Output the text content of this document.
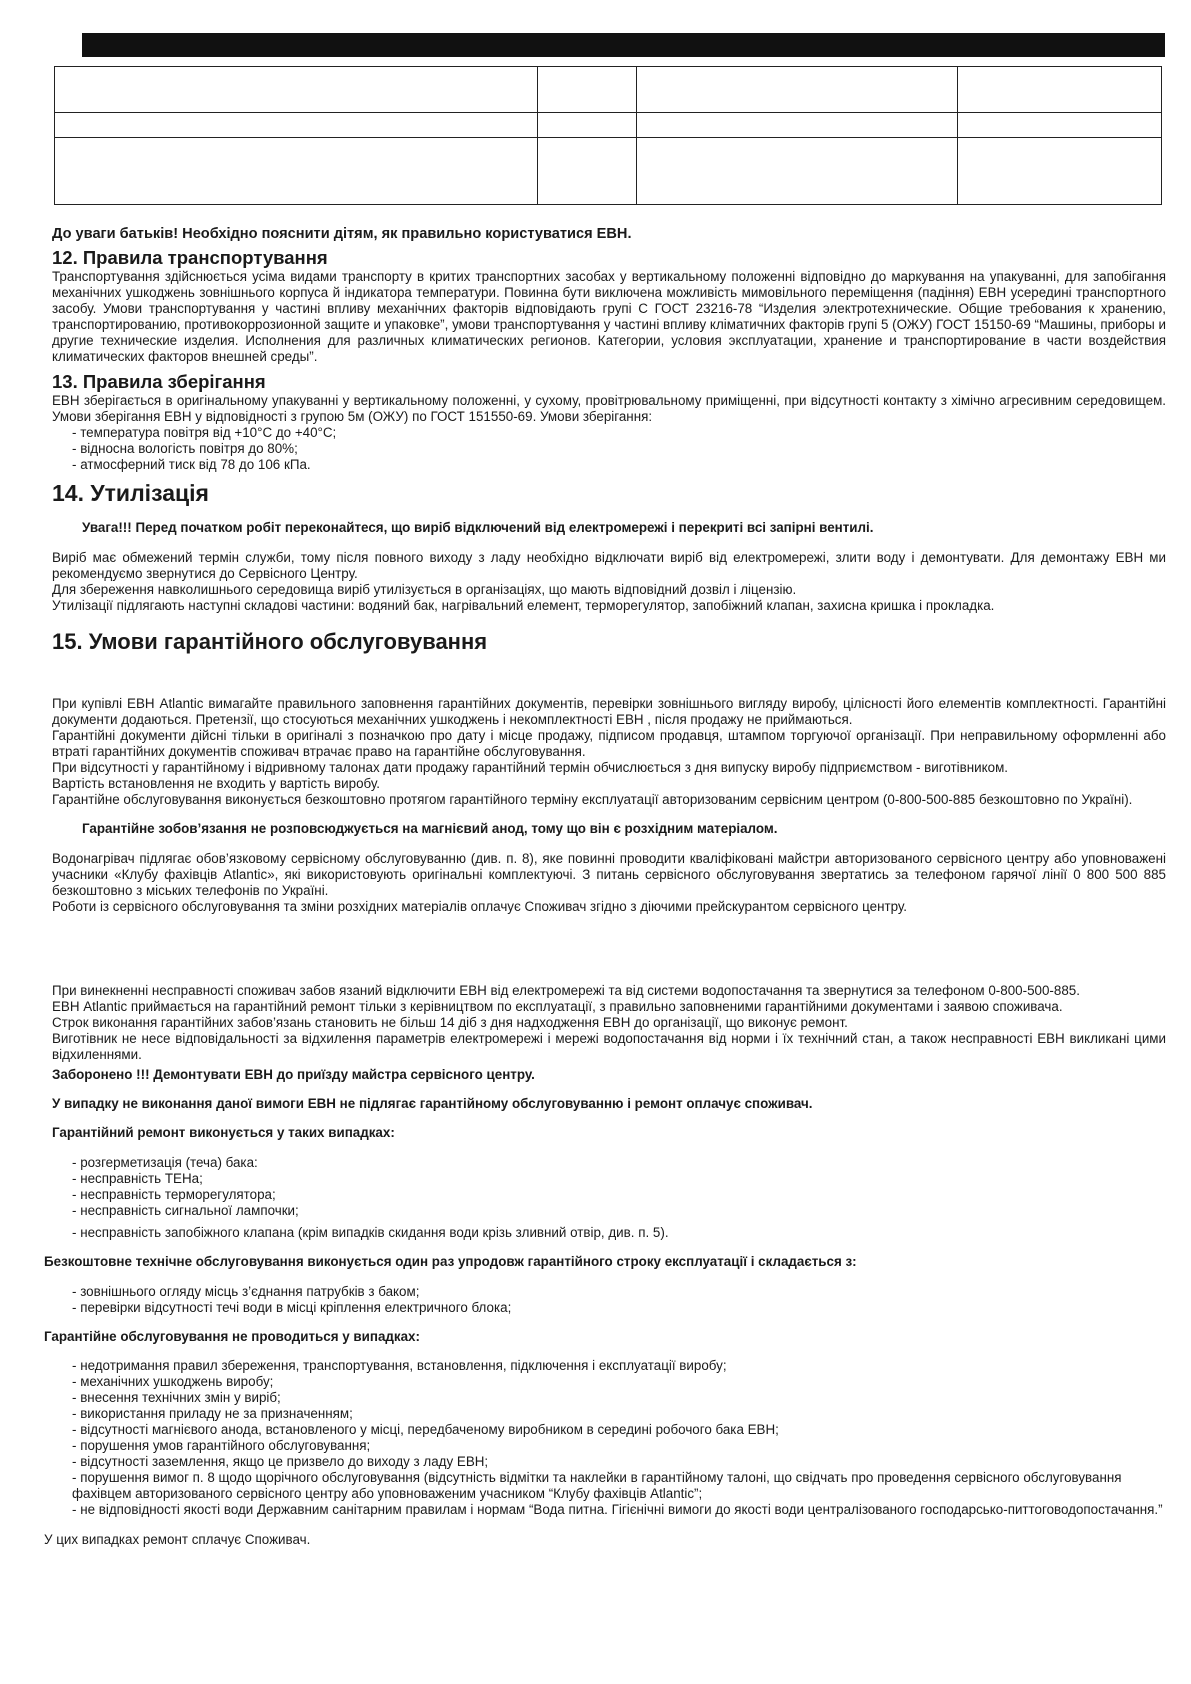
До уваги батьків! Необхідно пояснити дітям, як правильно користуватися ЕВН.

12. Правила транспортування

Транспортування здійснюється усіма видами транспорту в критих транспортних засобах у вертикальному положенні відповідно до маркування на упакуванні, для запобігання механічних ушкоджень зовнішнього корпуса й індикатора температури. Повинна бути виключена можливість мимовільного переміщення (падіння) ЕВН усередині транспортного засобу. Умови транспортування у частині впливу механічних факторів відповідають групі С ГОСТ 23216-78 “Изделия электротехнические. Общие требования к хранению, транспортированию, противокоррозионной защите и упаковке”, умови транспортування у частині впливу кліматичних факторів групі 5 (ОЖУ) ГОСТ 15150-69 “Машины, приборы и другие технические изделия. Исполнения для различных климатических регионов. Категории, условия эксплуатации, хранение и транспортирование в части воздействия климатических факторов внешней среды”.

13. Правила зберігання

ЕВН зберігається в оригінальному упакуванні у вертикальному положенні, у сухому, провітрювальному приміщенні, при відсутності контакту з хімічно агресивним середовищем. Умови зберігання ЕВН у відповідності з групою 5м (ОЖУ) по ГОСТ 151550-69. Умови зберігання:

- температура повітря від +10°С до +40°С;
- відносна вологість повітря до 80%;
- атмосферний тиск від 78 до 106 кПа.
14. Утилізація

Увага!!! Перед початком робіт переконайтеся, що виріб відключений від електромережі і перекриті всі запірні вентилі.

Виріб має обмежений термін служби, тому після повного виходу з ладу необхідно відключати виріб від електромережі, злити воду і демонтувати. Для демонтажу ЕВН ми рекомендуємо звернутися до Сервісного Центру.

Для збереження навколишнього середовища виріб утилізується в організаціях, що мають відповідний дозвіл і ліцензію.

Утилізації підлягають наступні складові частини: водяний бак, нагрівальний елемент, терморегулятор, запобіжний клапан, захисна кришка і прокладка.

15. Умови гарантійного обслуговування

При купівлі ЕВН Atlantic вимагайте правильного заповнення гарантійних документів, перевірки зовнішнього вигляду виробу, цілісності його елементів комплектності. Гарантійні документи додаються. Претензії, що стосуються механічних ушкоджень і некомплектності ЕВН , після продажу не приймаються.

Гарантійні документи дійсні тільки в оригіналі з позначкою про дату і місце продажу, підписом продавця, штампом торгуючої організації. При неправильному оформленні або втраті гарантійних документів споживач втрачає право на гарантійне обслуговування.

При відсутності у гарантійному і відривному талонах дати продажу гарантійний термін обчислюється з дня випуску виробу підприємством - виготівником.

Вартість встановлення не входить у вартість виробу.

Гарантійне обслуговування виконується безкоштовно протягом гарантійного терміну експлуатації авторизованим сервісним центром (0-800-500-885 безкоштовно по Україні).

Гарантійне зобов’язання не розповсюджується на магнієвий анод, тому що він є розхідним матеріалом.

Водонагрівач підлягає обов’язковому сервісному обслуговуванню (див. п. 8), яке повинні проводити кваліфіковані майстри авторизованого сервісного центру або уповноважені учасники «Клубу фахівців Atlantic», які використовують оригінальні комплектуючі. З питань сервісного обслуговування звертатись за телефоном гарячої лінії 0 800 500 885 безкоштовно з міських телефонів по Україні.

Роботи із сервісного обслуговування та зміни розхідних матеріалів оплачує Споживач згідно з діючими прейскурантом сервісного центру.

При винекненні несправності споживач забов язаний відключити ЕВН від електромережі та від системи водопостачання та звернутися за телефоном 0-800-500-885.

ЕВН Atlantic приймається на гарантійний ремонт тільки з керівництвом по експлуатації, з правильно заповненими гарантійними документами і заявою споживача.

Строк виконання гарантійних забов’язань становить не більш 14 діб з дня надходження ЕВН до організації, що виконує ремонт.

Виготівник не несе відповідальності за відхилення параметрів електромережі і мережі водопостачання від норми і їх технічний стан, а також несправності ЕВН викликані цими відхиленнями.

Заборонено !!! Демонтувати ЕВН до приїзду майстра сервісного центру.

У випадку не виконання даної вимоги ЕВН не підлягає гарантійному обслуговуванню і ремонт оплачує споживач.

Гарантійний ремонт виконується у таких випадках:

- розгерметизація (теча) бака:
- несправність ТЕНа;
- несправність терморегулятора;
- несправність сигнальної лампочки;
- несправність запобіжного клапана (крім випадків скидання води крізь зливний отвір, див. п. 5).

Безкоштовне технічне обслуговування виконується один раз упродовж гарантійного строку експлуатації і складається з:

- зовнішнього огляду місць з’єднання патрубків з баком;
- перевірки відсутності течі води в місці кріплення електричного блока;

Гарантійне обслуговування не проводиться у випадках:

- недотримання правил збереження, транспортування, встановлення, підключення і експлуатації виробу;
- механічних ушкоджень виробу;
- внесення технічних змін у виріб;
- використання приладу не за призначенням;
- відсутності магнієвого анода, встановленого у місці, передбаченому виробником в середині робочого бака ЕВН;
- порушення умов гарантійного обслуговування;
- відсутності заземлення, якщо це призвело до виходу з ладу ЕВН;
- порушення вимог п. 8 щодо щорічного обслуговування (відсутність відмітки та наклейки в гарантійному талоні, що свідчать про проведення сервісного обслуговування фахівцем авторизованого сервісного центру або уповноваженим учасником “Клубу фахівців Atlantic”;
- не відповідності якості води Державним санітарним правилам і нормам “Вода питна. Гігієнічні вимоги до якості води централізованого господарсько-питтоговодопостачання.”

У цих випадках ремонт сплачує Споживач.
